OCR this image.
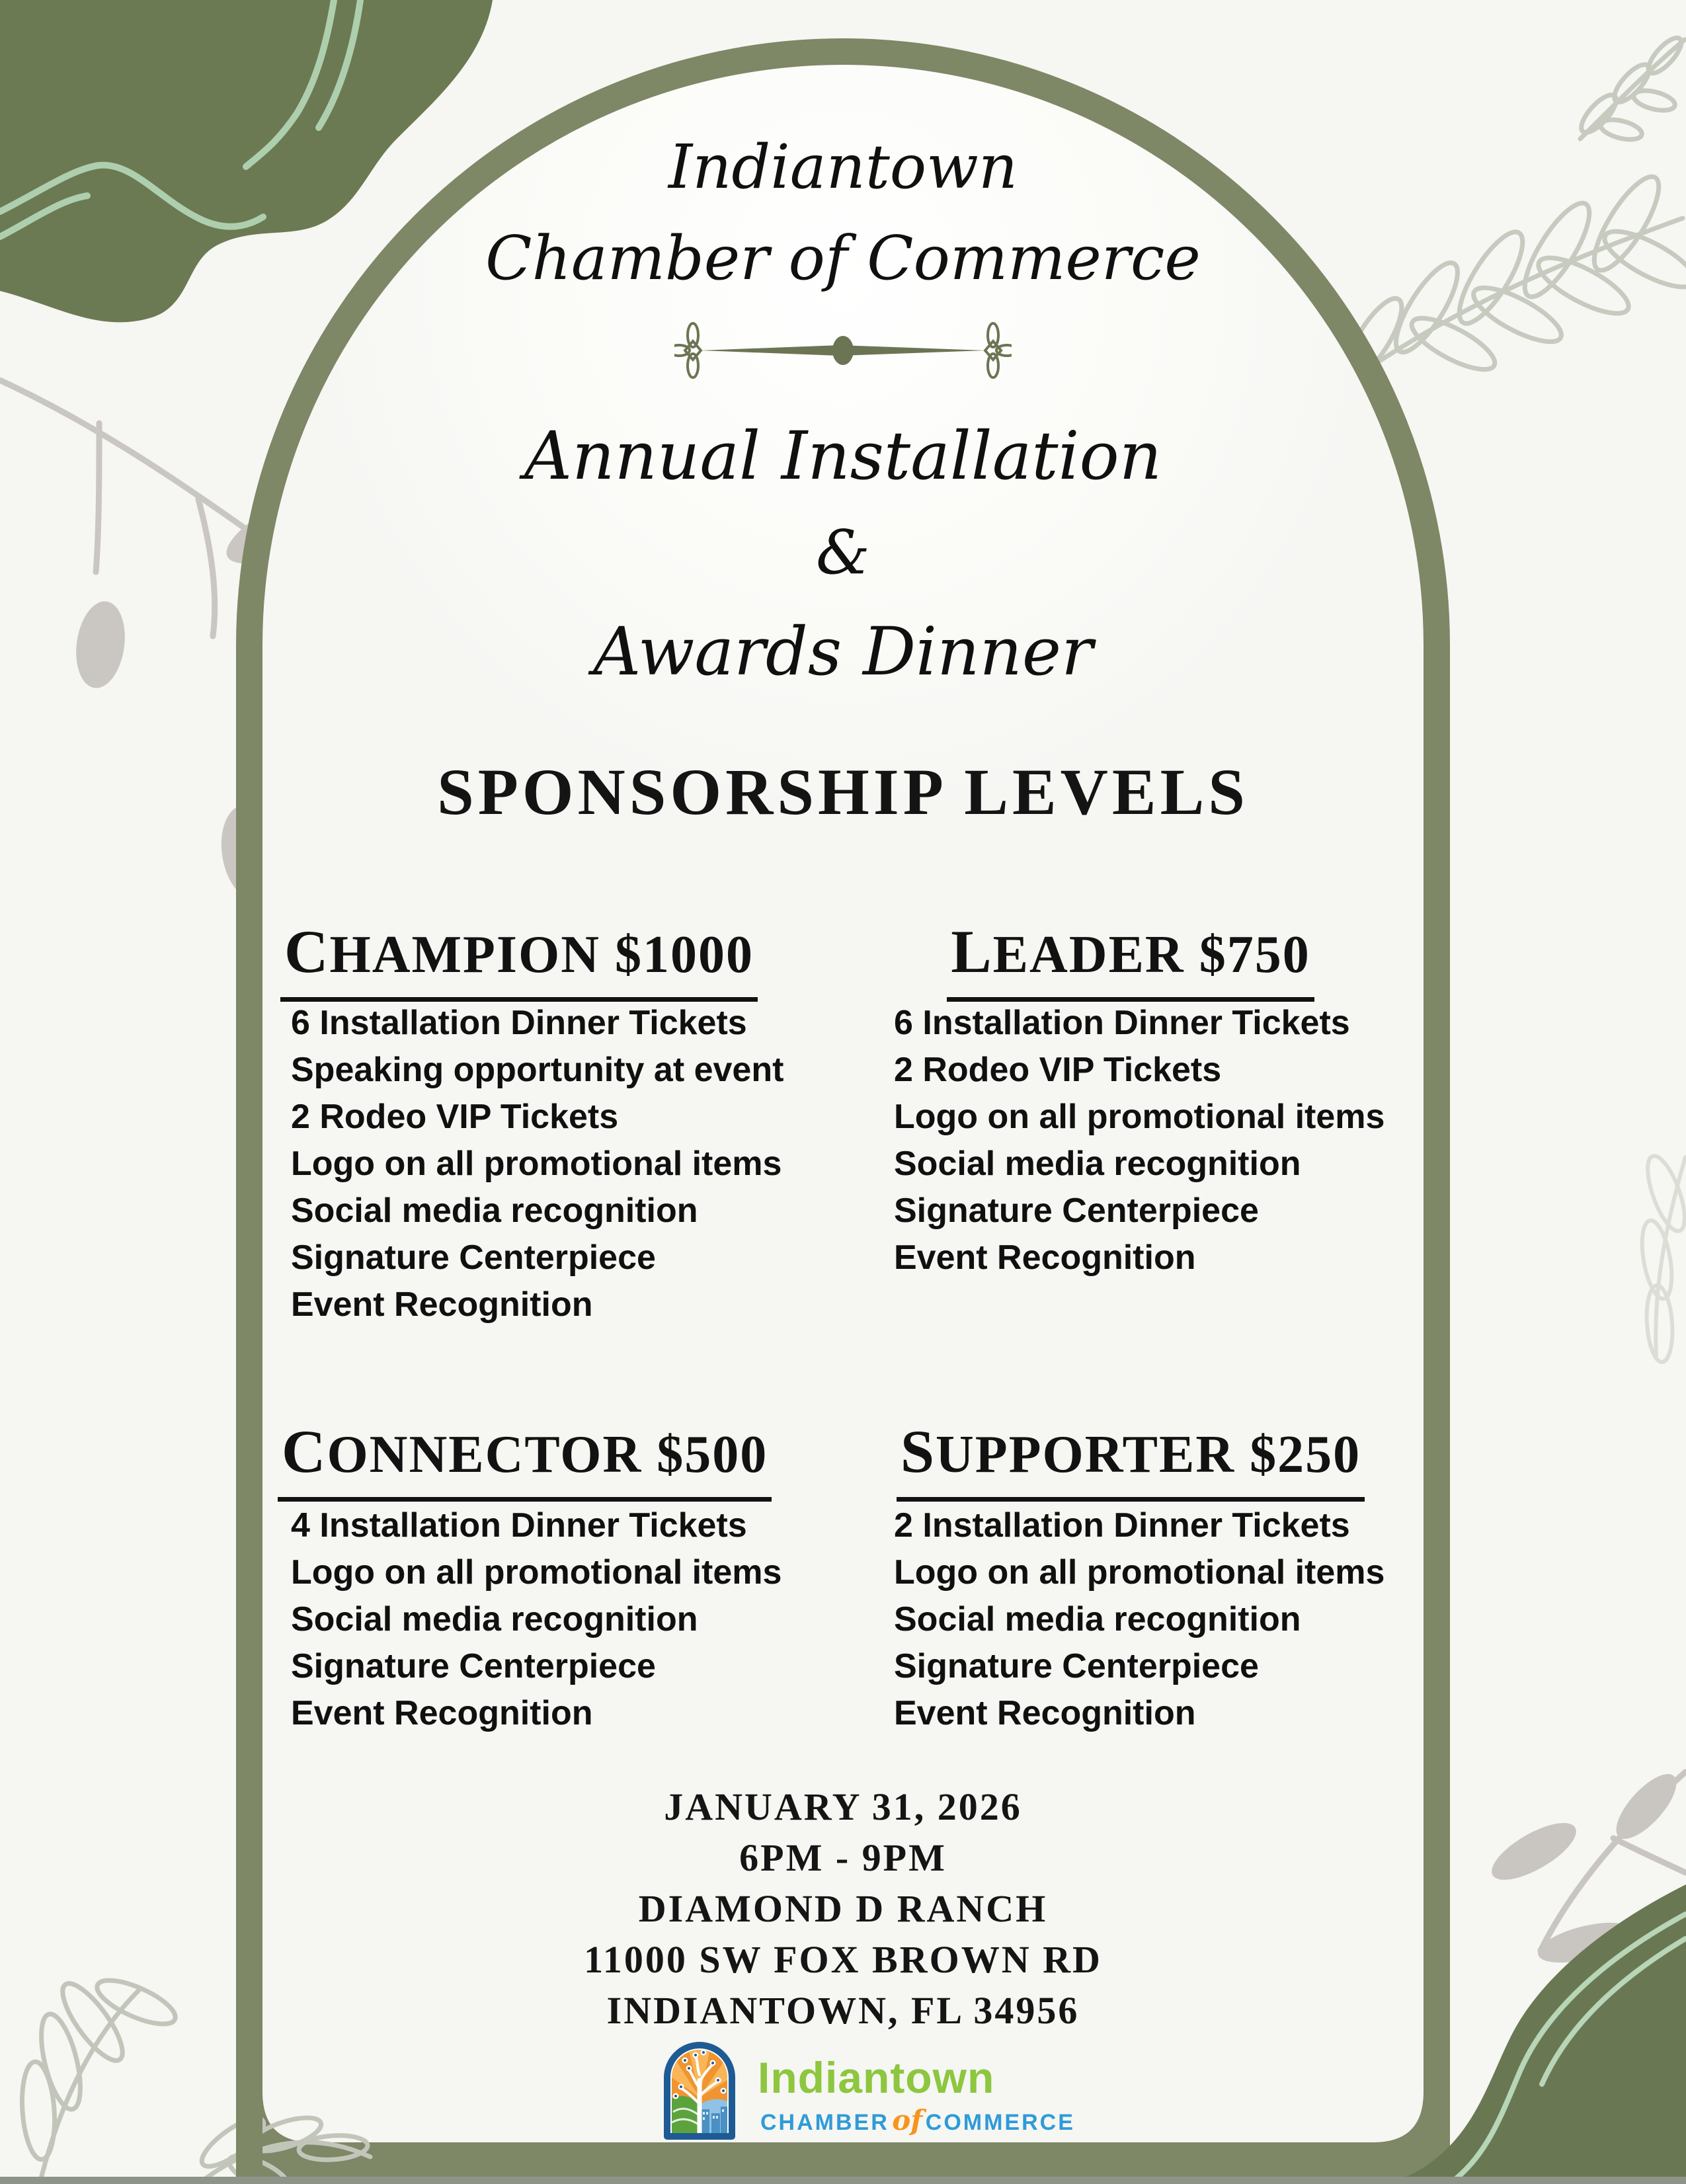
Indiantown
Chamber of Commerce
Annual Installation
&
Awards Dinner
SPONSORSHIP LEVELS
CHAMPION $1000
6 Installation Dinner Tickets
Speaking opportunity at event
2 Rodeo VIP Tickets
Logo on all promotional items
Social media recognition
Signature Centerpiece
Event Recognition
LEADER $750
6 Installation Dinner Tickets
2 Rodeo VIP Tickets
Logo on all promotional items
Social media recognition
Signature Centerpiece
Event Recognition
CONNECTOR $500
4 Installation Dinner Tickets
Logo on all promotional items
Social media recognition
Signature Centerpiece
Event Recognition
SUPPORTER $250
2 Installation Dinner Tickets
Logo on all promotional items
Social media recognition
Signature Centerpiece
Event Recognition
JANUARY 31, 2026
6PM - 9PM
DIAMOND D RANCH
11000 SW FOX BROWN RD
INDIANTOWN, FL 34956
Indiantown
CHAMBER of COMMERCE
